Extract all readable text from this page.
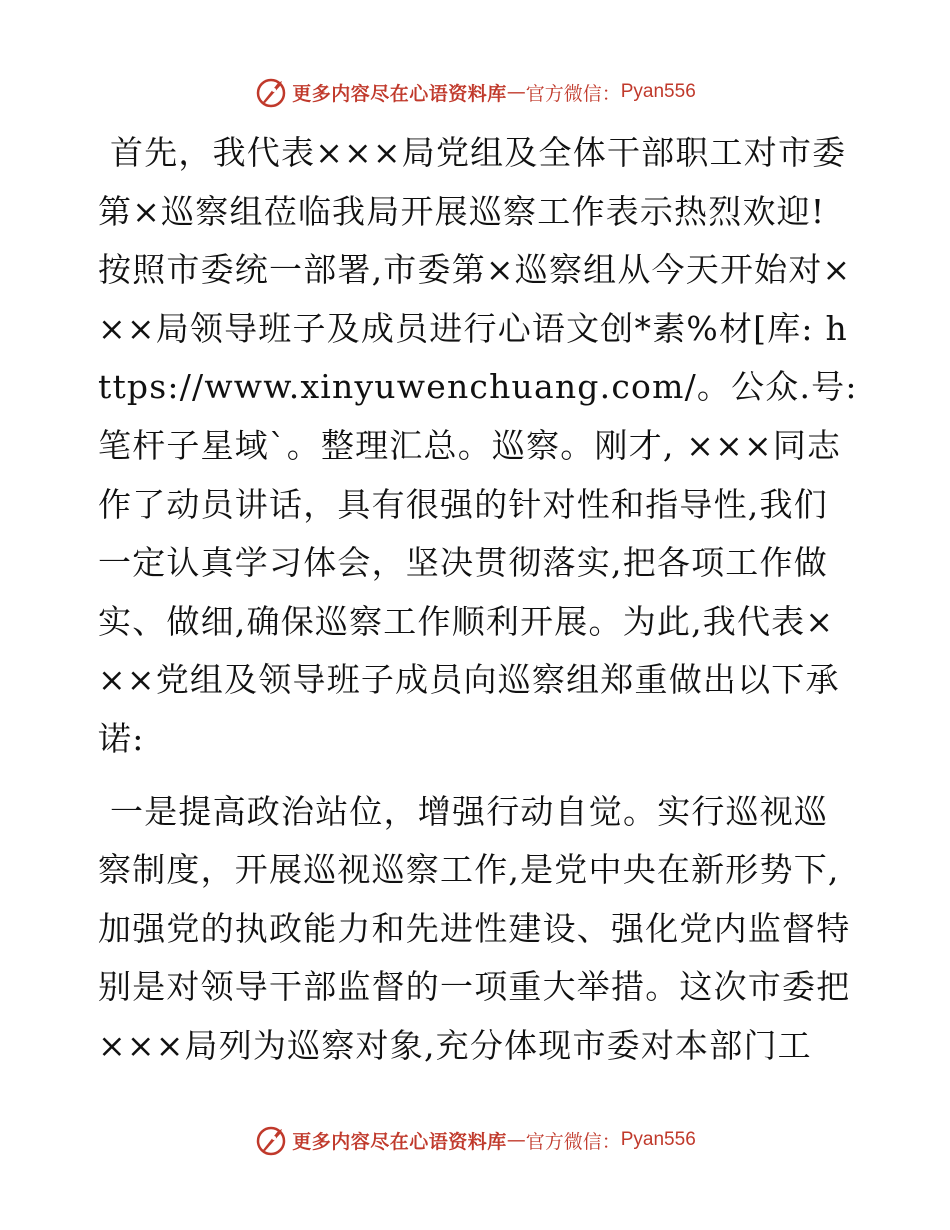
更多内容尽在心语资料库 — 官方微信： Pyan556

首先，我代表×××局党组及全体干部职工对市委第×巡察组莅临我局开展巡察工作表示热烈欢迎!按照市委统一部署,市委第×巡察组从今天开始对×××局领导班子及成员进行心语文创*素%材[库: https://www.xinyuwenchuang.com/。公众.号: 笔杆子星域`。整理汇总。巡察。刚才, ×××同志作了动员讲话，具有很强的针对性和指导性,我们一定认真学习体会，坚决贯彻落实,把各项工作做实、做细,确保巡察工作顺利开展。为此,我代表×××党组及领导班子成员向巡察组郑重做出以下承诺:

一是提高政治站位，增强行动自觉。实行巡视巡察制度，开展巡视巡察工作,是党中央在新形势下,加强党的执政能力和先进性建设、强化党内监督特别是对领导干部监督的一项重大举措。这次市委把×××局列为巡察对象,充分体现市委对本部门工

更多内容尽在心语资料库 — 官方微信： Pyan556
